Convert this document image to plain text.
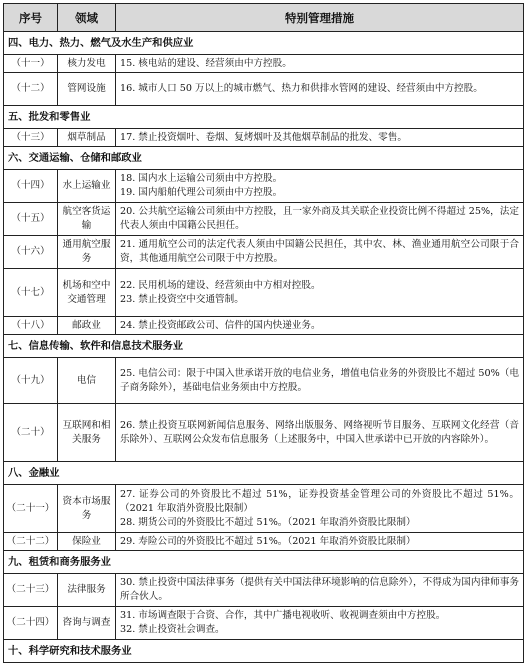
序号	领域	特别管理措施
四、电力、热力、燃气及水生产和供应业		
（十一）	核力发电	15. 核电站的建设、经营须由中方控股。

（十二）	管网设施	16. 城市人口 50 万以上的城市燃气、热力和供排水管网的建设、经营须由中方控股。

五、批发和零售业		
（十三）	烟草制品	17. 禁止投资烟叶、卷烟、复烤烟叶及其他烟草制品的批发、零售。

六、交通运输、仓储和邮政业		
（十四）	水上运输业	18. 国内水上运输公司须由中方控股。
19. 国内船舶代理公司须由中方控股。

（十五）	航空客货运输	20. 公共航空运输公司须由中方控股，且一家外商及其关联企业投资比例不得超过 25%，法定代表人须由中国籍公民担任。

（十六）	通用航空服务	21. 通用航空公司的法定代表人须由中国籍公民担任，其中农、林、渔业通用航空公司限于合资，其他通用航空公司限于中方控股。

（十七）	机场和空中交通管理	22. 民用机场的建设、经营须由中方相对控股。
23. 禁止投资空中交通管制。

（十八）	邮政业	24. 禁止投资邮政公司、信件的国内快递业务。

七、信息传输、软件和信息技术服务业		
（十九）	电信	25. 电信公司：限于中国入世承诺开放的电信业务，增值电信业务的外资股比不超过 50%（电子商务除外），基础电信业务须由中方控股。

（二十）	互联网和相关服务	26. 禁止投资互联网新闻信息服务、网络出版服务、网络视听节目服务、互联网文化经营（音乐除外）、互联网公众发布信息服务（上述服务中，中国入世承诺中已开放的内容除外）。

八、金融业		
（二十一）	资本市场服务	27. 证券公司的外资股比不超过 51%，证券投资基金管理公司的外资股比不超过 51%。（2021 年取消外资股比限制）
28. 期货公司的外资股比不超过 51%。（2021 年取消外资股比限制）

（二十二）	保险业	29. 寿险公司的外资股比不超过 51%。（2021 年取消外资股比限制）

九、租赁和商务服务业		
（二十三）	法律服务	30. 禁止投资中国法律事务（提供有关中国法律环境影响的信息除外），不得成为国内律师事务所合伙人。

（二十四）	咨询与调查	31. 市场调查限于合资、合作，其中广播电视收听、收视调查须由中方控股。
32. 禁止投资社会调查。

十、科学研究和技术服务业		
